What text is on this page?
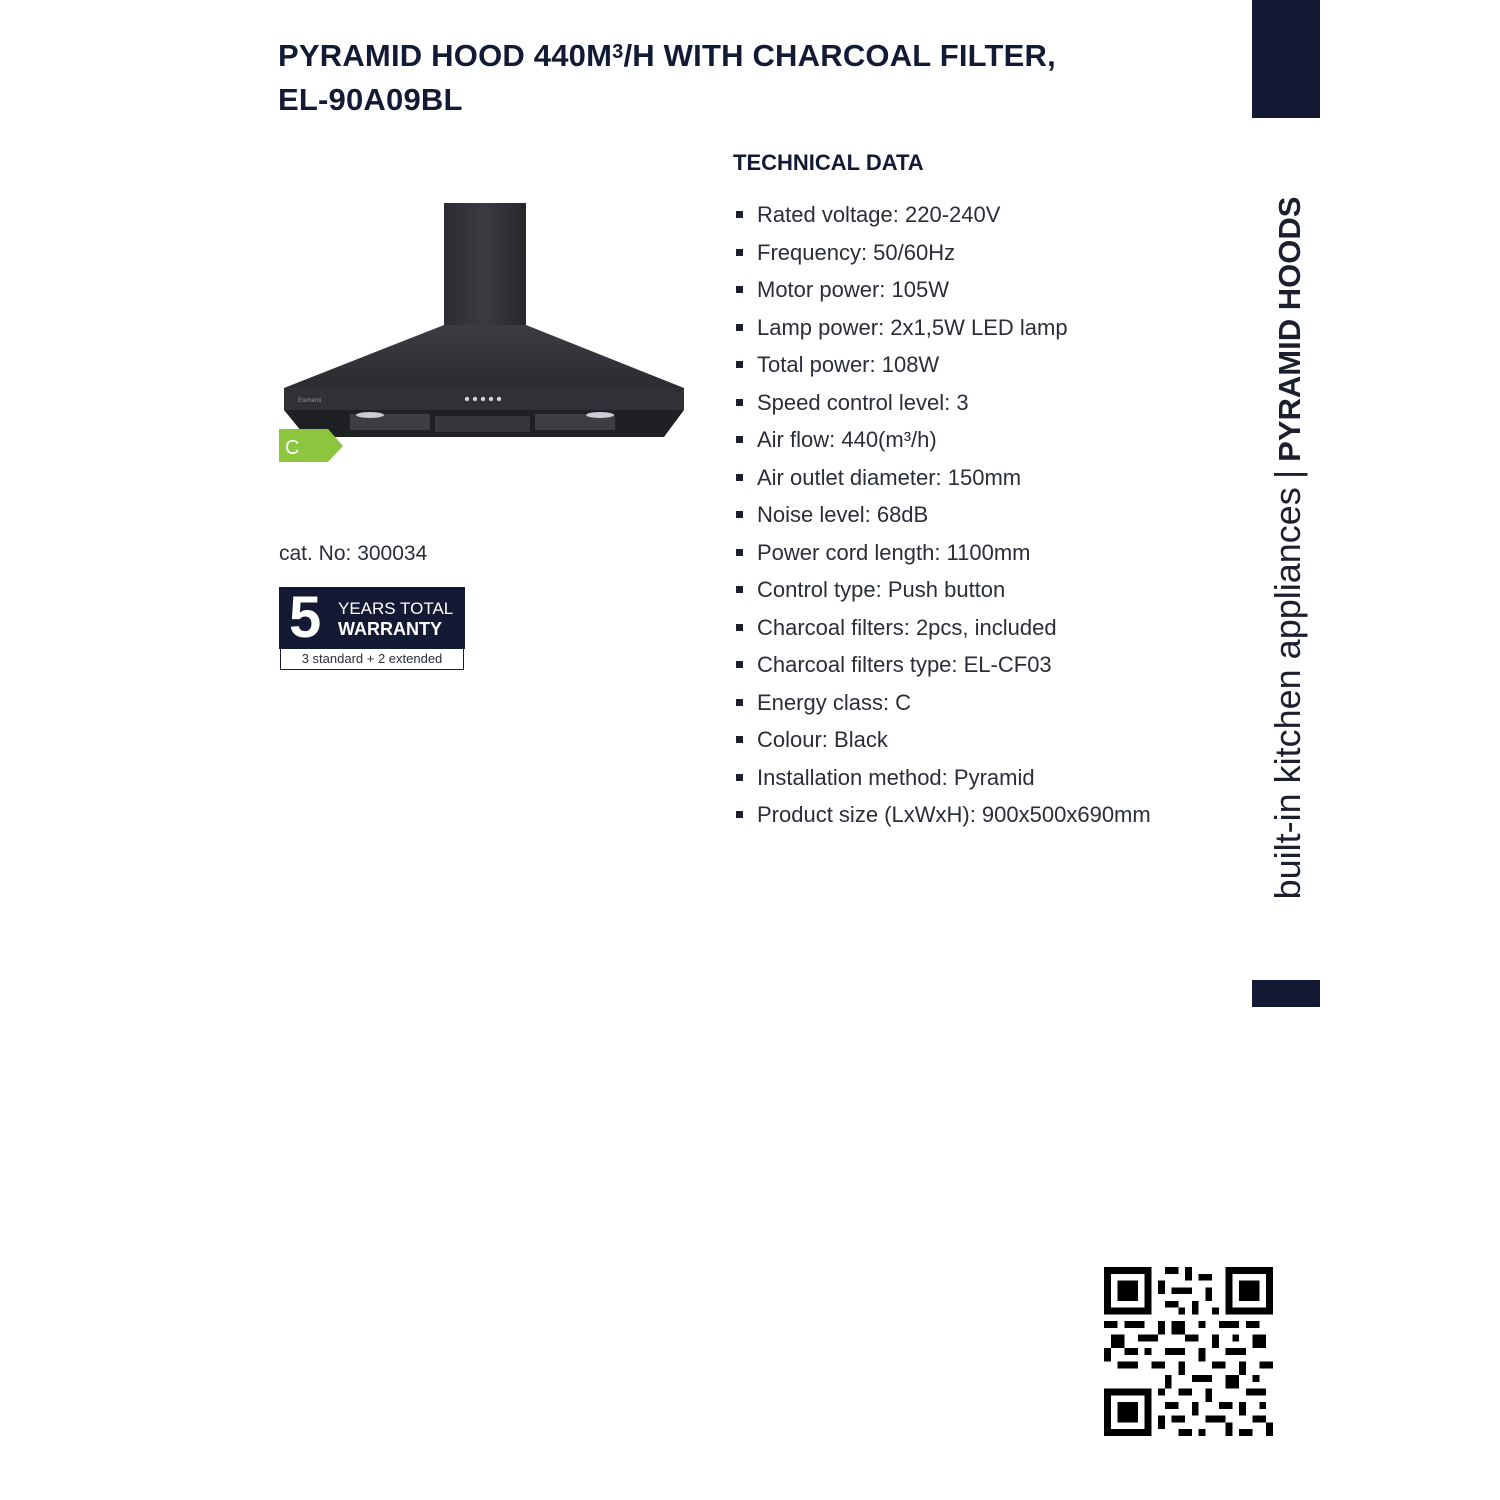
PYRAMID HOOD $440M^3/H$ WITH CHARCOAL FILTER,
EL-90A09BL
built-in kitchen appliances|PYRAMID HOODS
Elementi
C
cat. No: 300034
5 YEARS TOTAL
WARRANTY
3 standard + 2 extended
TECHNICAL DATA
Rated voltage: 220-240V
Frequency: 50/60Hz
Motor power: 105W
Lamp power: 2x1,5W LED lamp
Total power: 108W
Speed control level: 3
Air flow: 440(m³/h)
Air outlet diameter: 150mm
Noise level: 68dB
Power cord length: 1100mm
Control type: Push button
Charcoal filters: 2pcs, included
Charcoal filters type: EL-CF03
Energy class: C
Colour: Black
Installation method: Pyramid
Product size (LxWxH): 900x500x690mm
